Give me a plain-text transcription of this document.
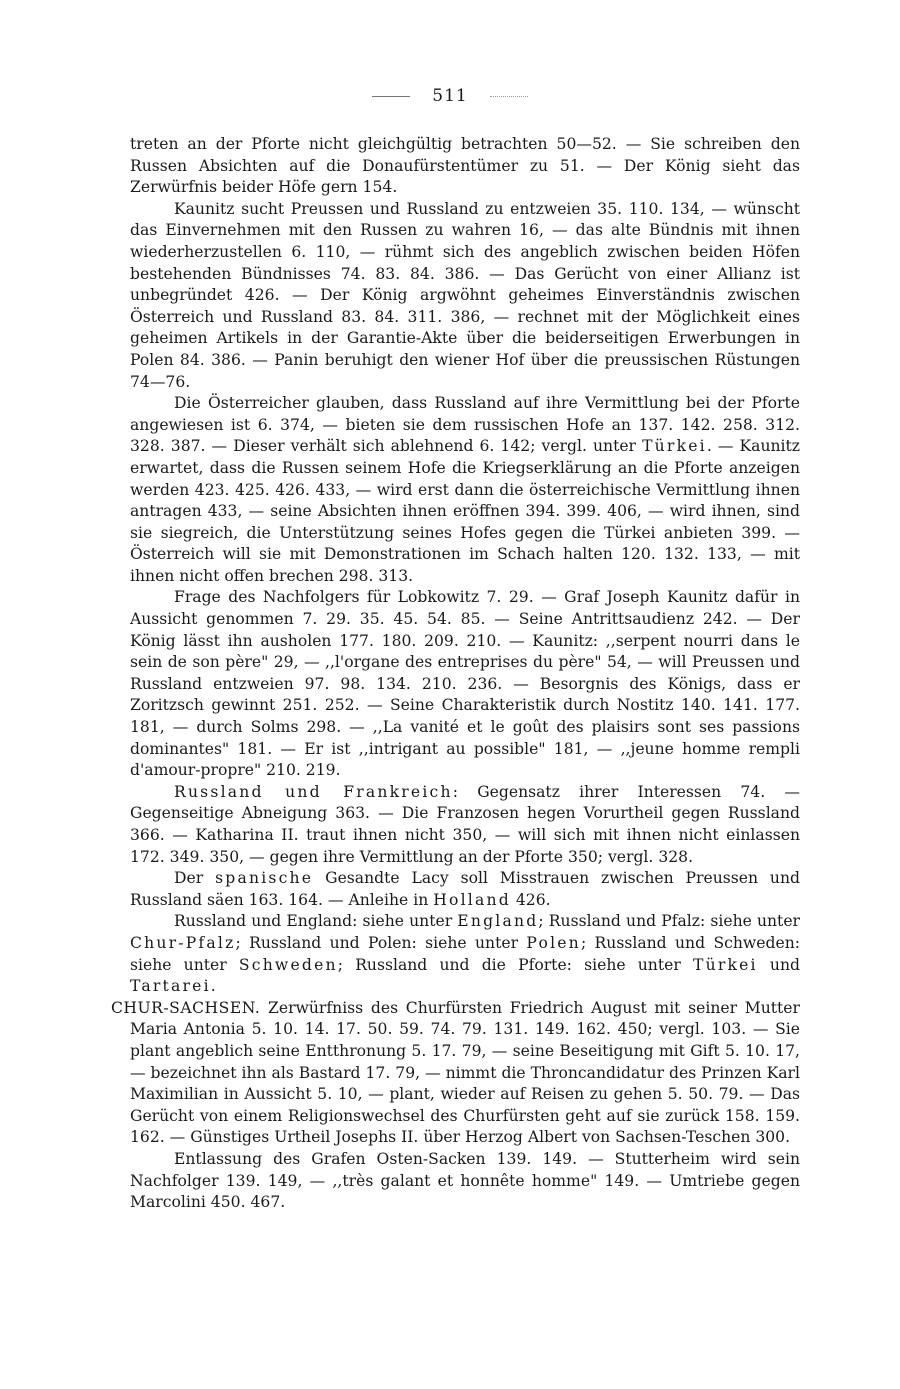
511

treten an der Pforte nicht gleichgültig betrachten 50—52. — Sie schreiben den Russen Absichten auf die Donaufürstentümer zu 51. — Der König sieht das Zerwürfnis beider Höfe gern 154.

Kaunitz sucht Preussen und Russland zu entzweien 35. 110. 134, — wünscht das Einvernehmen mit den Russen zu wahren 16, — das alte Bündnis mit ihnen wiederherzustellen 6. 110, — rühmt sich des angeblich zwischen beiden Höfen bestehenden Bündnisses 74. 83. 84. 386. — Das Gerücht von einer Allianz ist unbegründet 426. — Der König argwöhnt geheimes Einverständnis zwischen Österreich und Russland 83. 84. 311. 386, — rechnet mit der Möglichkeit eines geheimen Artikels in der Garantie-Akte über die beiderseitigen Erwerbungen in Polen 84. 386. — Panin beruhigt den wiener Hof über die preussischen Rüstungen 74—76.

Die Österreicher glauben, dass Russland auf ihre Vermittlung bei der Pforte angewiesen ist 6. 374, — bieten sie dem russischen Hofe an 137. 142. 258. 312. 328. 387. — Dieser verhält sich ablehnend 6. 142; vergl. unter Türkei. — Kaunitz erwartet, dass die Russen seinem Hofe die Kriegserklärung an die Pforte anzeigen werden 423. 425. 426. 433, — wird erst dann die österreichische Vermittlung ihnen antragen 433, — seine Absichten ihnen eröffnen 394. 399. 406, — wird ihnen, sind sie siegreich, die Unterstützung seines Hofes gegen die Türkei anbieten 399. — Österreich will sie mit Demonstrationen im Schach halten 120. 132. 133, — mit ihnen nicht offen brechen 298. 313.

Frage des Nachfolgers für Lobkowitz 7. 29. — Graf Joseph Kaunitz dafür in Aussicht genommen 7. 29. 35. 45. 54. 85. — Seine Antrittsaudienz 242. — Der König lässt ihn ausholen 177. 180. 209. 210. — Kaunitz: ,,serpent nourri dans le sein de son père" 29, — ,,l'organe des entreprises du père" 54, — will Preussen und Russland entzweien 97. 98. 134. 210. 236. — Besorgnis des Königs, dass er Zoritzsch gewinnt 251. 252. — Seine Charakteristik durch Nostitz 140. 141. 177. 181, — durch Solms 298. — ,,La vanité et le goût des plaisirs sont ses passions dominantes" 181. — Er ist ,,intrigant au possible" 181, — ,,jeune homme rempli d'amour-propre" 210. 219.

Russland und Frankreich: Gegensatz ihrer Interessen 74. — Gegenseitige Abneigung 363. — Die Franzosen hegen Vorurtheil gegen Russland 366. — Katharina II. traut ihnen nicht 350, — will sich mit ihnen nicht einlassen 172. 349. 350, — gegen ihre Vermittlung an der Pforte 350; vergl. 328.

Der spanische Gesandte Lacy soll Misstrauen zwischen Preussen und Russland säen 163. 164. — Anleihe in Holland 426.

Russland und England: siehe unter England; Russland und Pfalz: siehe unter Chur-Pfalz; Russland und Polen: siehe unter Polen; Russland und Schweden: siehe unter Schweden; Russland und die Pforte: siehe unter Türkei und Tartarei.

CHUR-SACHSEN. Zerwürfniss des Churfürsten Friedrich August mit seiner Mutter Maria Antonia 5. 10. 14. 17. 50. 59. 74. 79. 131. 149. 162. 450; vergl. 103. — Sie plant angeblich seine Entthronung 5. 17. 79, — seine Beseitigung mit Gift 5. 10. 17, — bezeichnet ihn als Bastard 17. 79, — nimmt die Throncandidatur des Prinzen Karl Maximilian in Aussicht 5. 10, — plant, wieder auf Reisen zu gehen 5. 50. 79. — Das Gerücht von einem Religionswechsel des Churfürsten geht auf sie zurück 158. 159. 162. — Günstiges Urtheil Josephs II. über Herzog Albert von Sachsen-Teschen 300.

Entlassung des Grafen Osten-Sacken 139. 149. — Stutterheim wird sein Nachfolger 139. 149, — ,,très galant et honnête homme" 149. — Umtriebe gegen Marcolini 450. 467.
